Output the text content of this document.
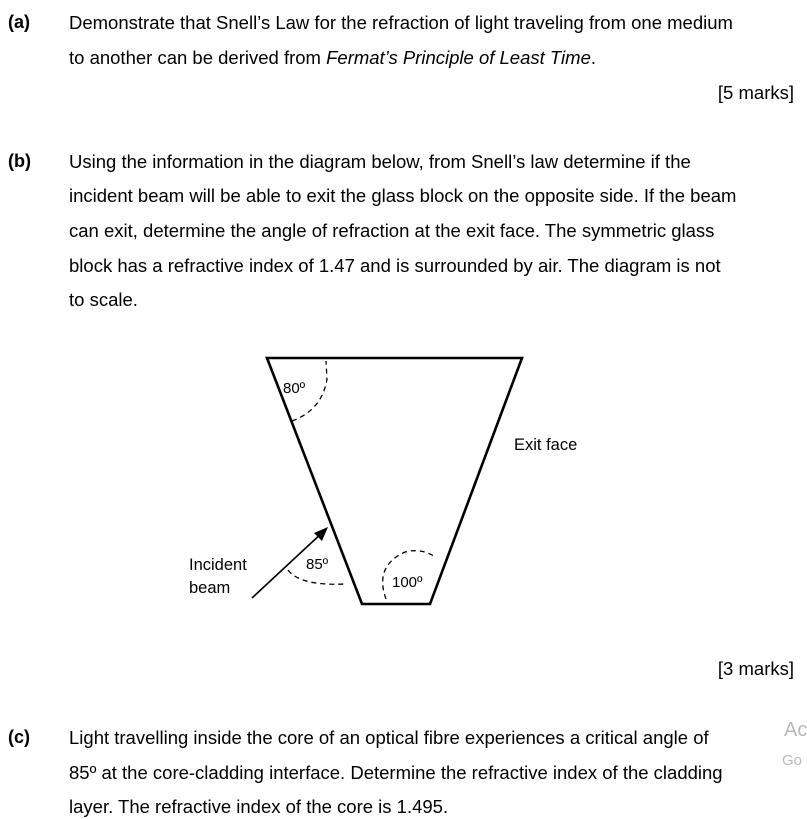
(a) Demonstrate that Snell’s Law for the refraction of light traveling from one medium
to another can be derived from Fermat’s Principle of Least Time.
[5 marks]
(b) Using the information in the diagram below, from Snell’s law determine if the
incident beam will be able to exit the glass block on the opposite side. If the beam
can exit, determine the angle of refraction at the exit face. The symmetric glass
block has a refractive index of 1.47 and is surrounded by air. The diagram is not
to scale.
80º
85º
100º
Exit face
Incident
beam
[3 marks]
(c) Light travelling inside the core of an optical fibre experiences a critical angle of
85º at the core-cladding interface. Determine the refractive index of the cladding
layer. The refractive index of the core is 1.495.
Ac
Go
